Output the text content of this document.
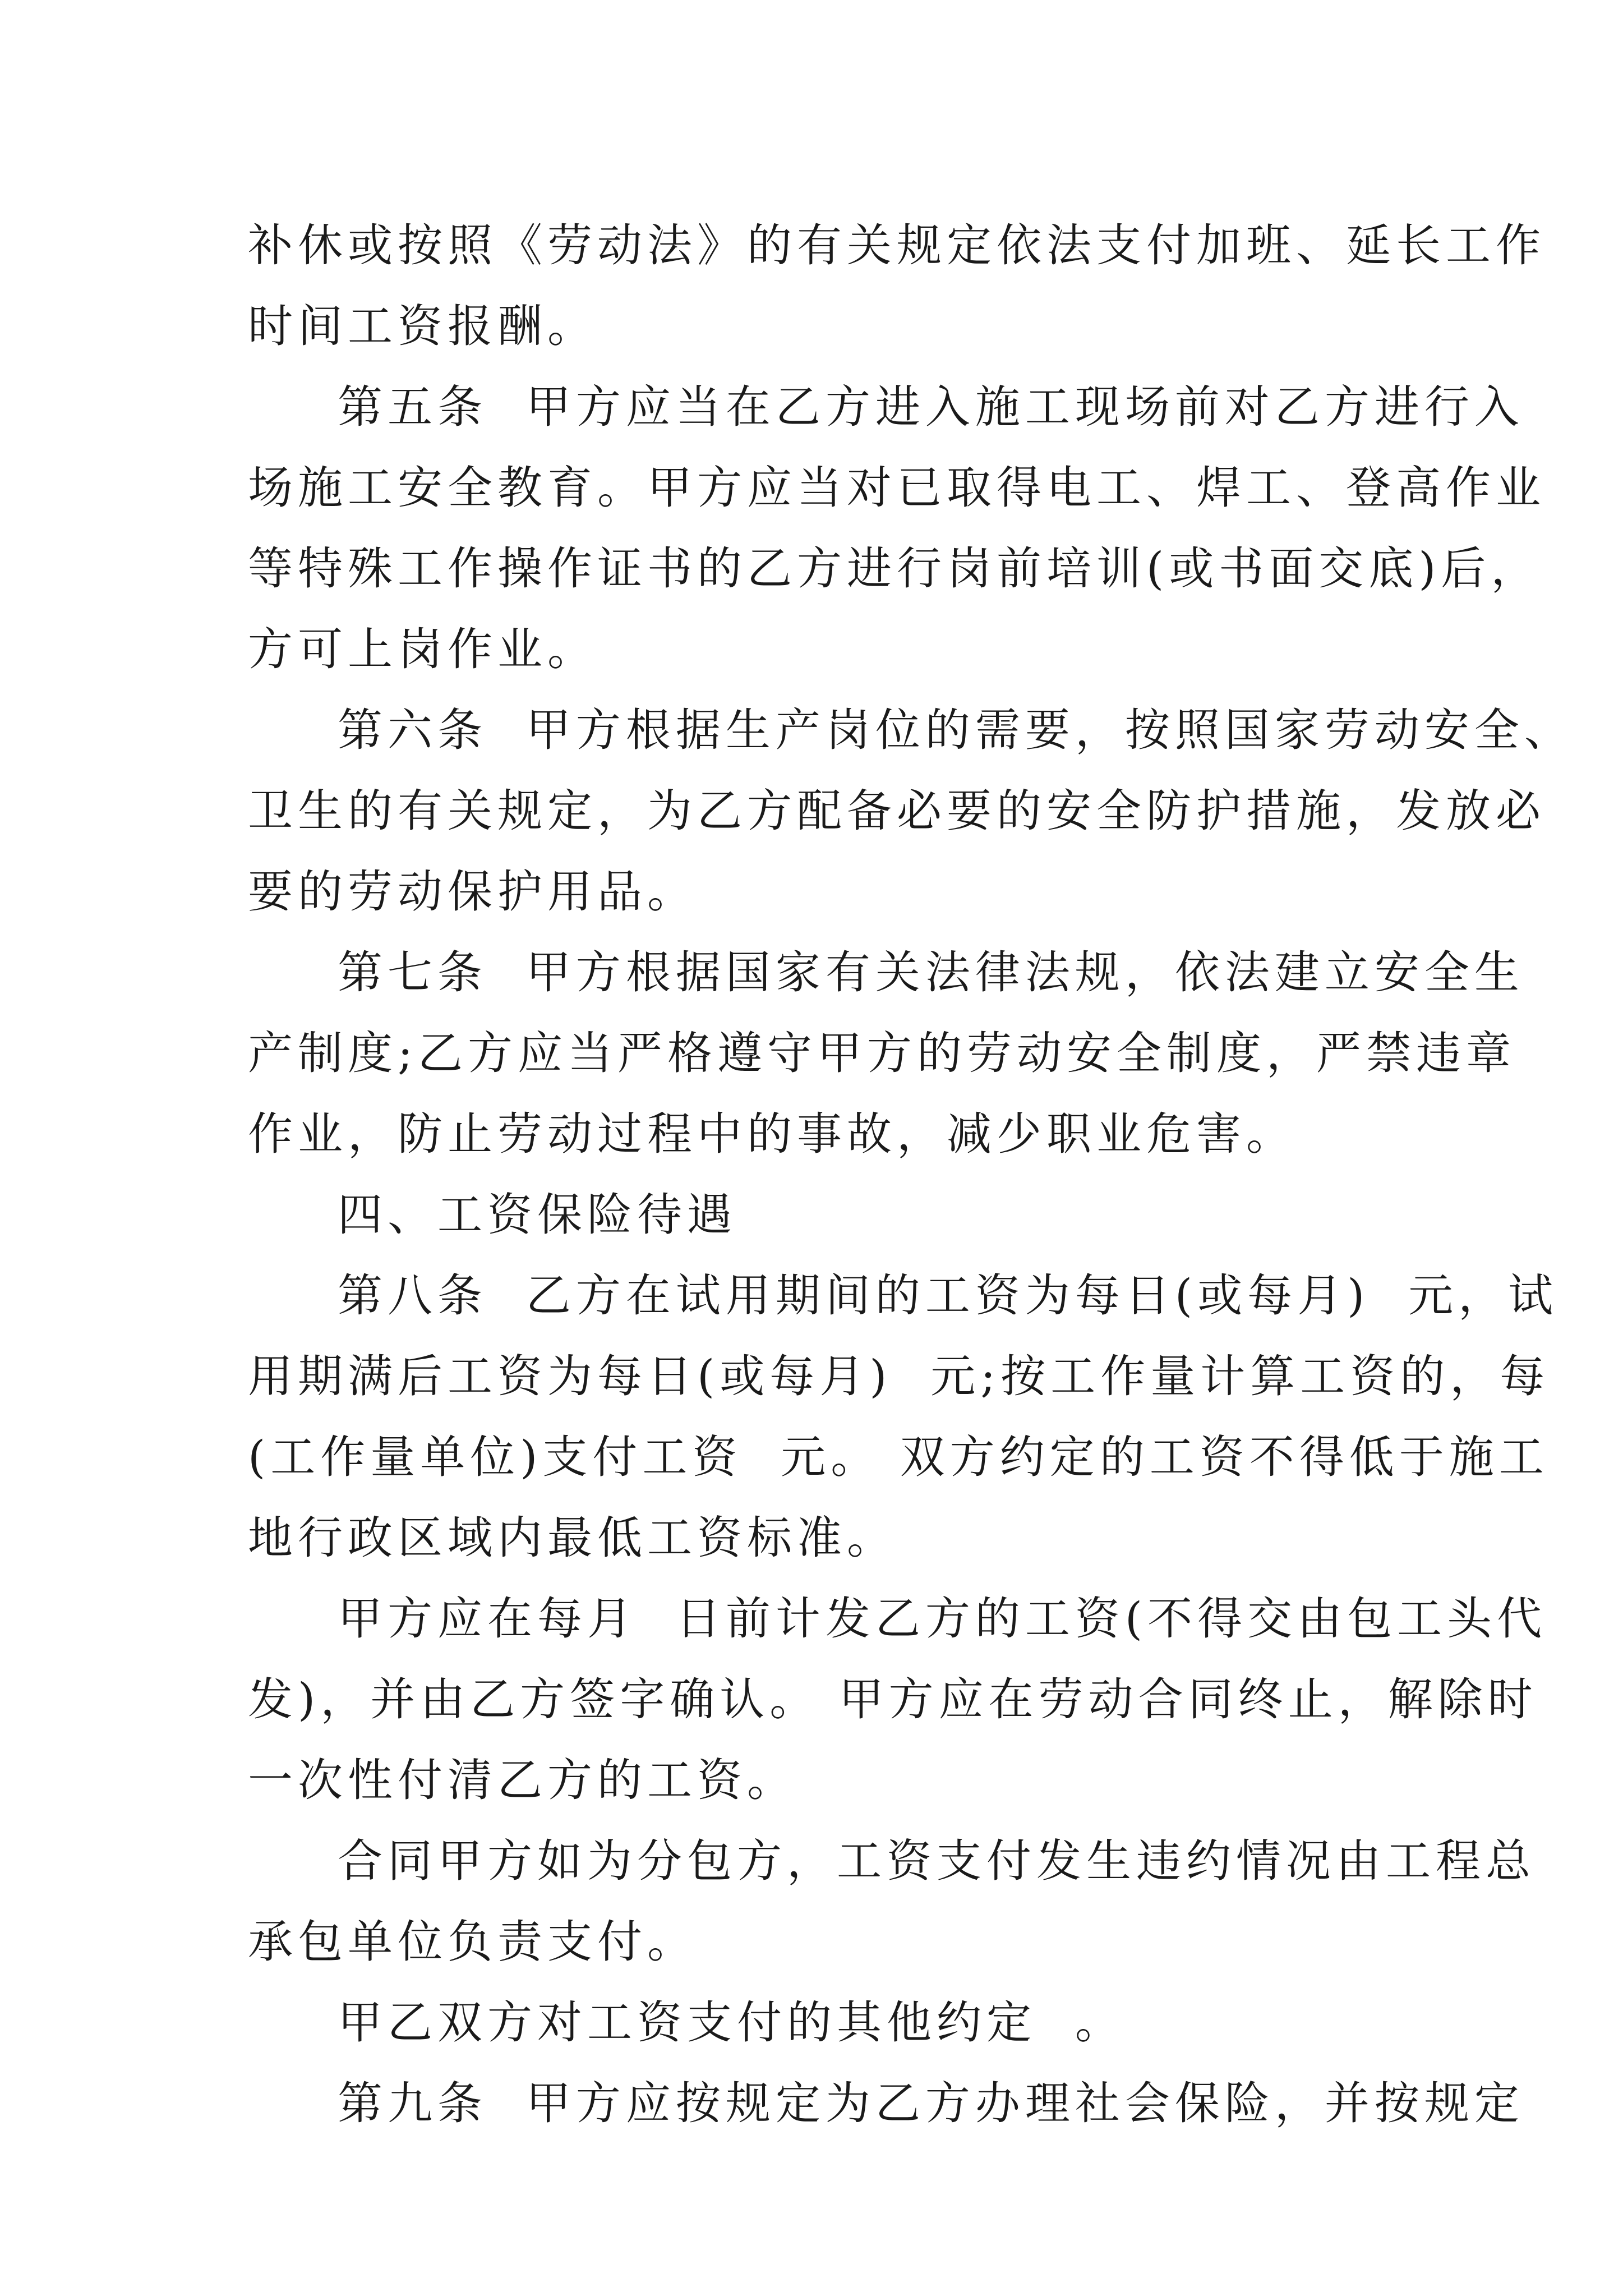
补休或按照《劳动法》的有关规定依法支付加班、延长工作
时间工资报酬。
第五条  甲方应当在乙方进入施工现场前对乙方进行入
场施工安全教育。甲方应当对已取得电工、焊工、登高作业
等特殊工作操作证书的乙方进行岗前培训(或书面交底)后，
方可上岗作业。
第六条  甲方根据生产岗位的需要，按照国家劳动安全、
卫生的有关规定，为乙方配备必要的安全防护措施，发放必
要的劳动保护用品。
第七条  甲方根据国家有关法律法规，依法建立安全生
产制度;乙方应当严格遵守甲方的劳动安全制度，严禁违章
作业，防止劳动过程中的事故，减少职业危害。
四、工资保险待遇
第八条  乙方在试用期间的工资为每日(或每月)  元，试
用期满后工资为每日(或每月)  元;按工作量计算工资的，每
(工作量单位)支付工资  元。 双方约定的工资不得低于施工
地行政区域内最低工资标准。
甲方应在每月  日前计发乙方的工资(不得交由包工头代
发)，并由乙方签字确认。 甲方应在劳动合同终止，解除时
一次性付清乙方的工资。
合同甲方如为分包方，工资支付发生违约情况由工程总
承包单位负责支付。
甲乙双方对工资支付的其他约定  。
第九条  甲方应按规定为乙方办理社会保险，并按规定
